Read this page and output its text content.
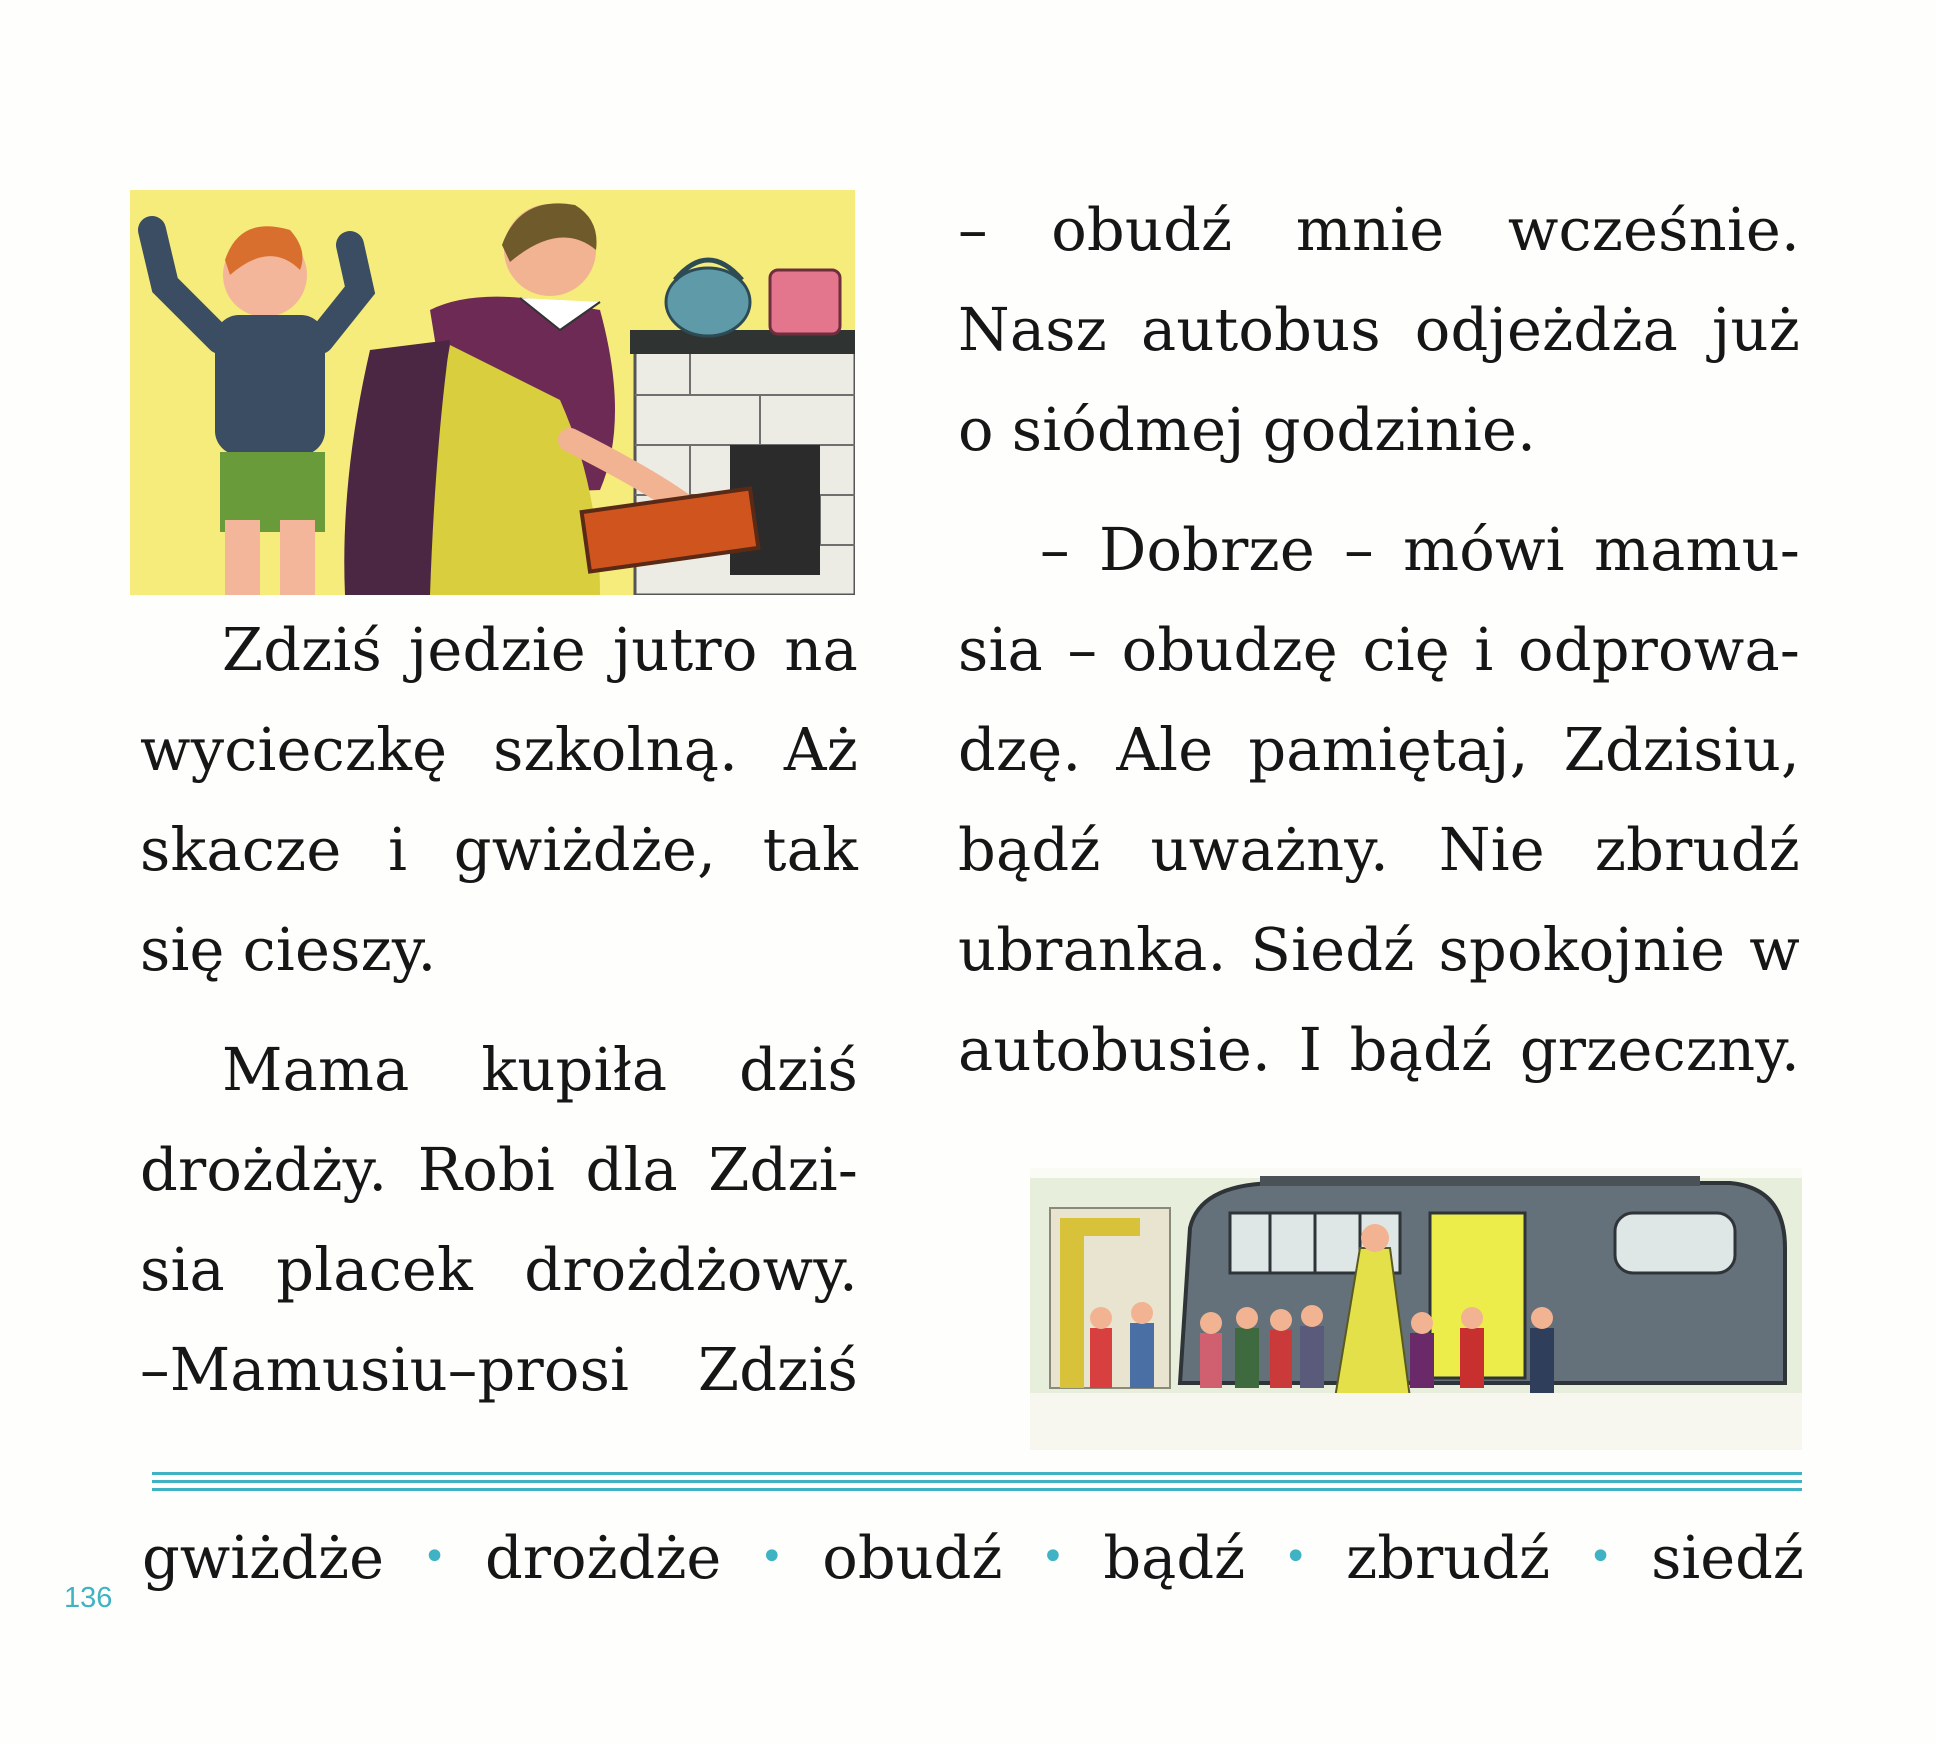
Zdziś jedzie jutro na
wycieczkę szkolną. Aż
skacze i gwiżdże, tak
się cieszy.
Mama kupiła dziś
drożdży. Robi dla Zdzi-
sia placek drożdżowy.
–Mamusiu–prosi Zdziś
– obudź mnie wcześnie.
Nasz autobus odjeżdża już
o siódmej godzinie.
– Dobrze – mówi mamu-
sia – obudzę cię i odprowa-
dzę. Ale pamiętaj, Zdzisiu,
bądź uważny. Nie zbrudź
ubranka. Siedź spokojnie w
autobusie. I bądź grzeczny.
gwiżdże • drożdże • obudź • bądź • zbrudź • siedź
136
